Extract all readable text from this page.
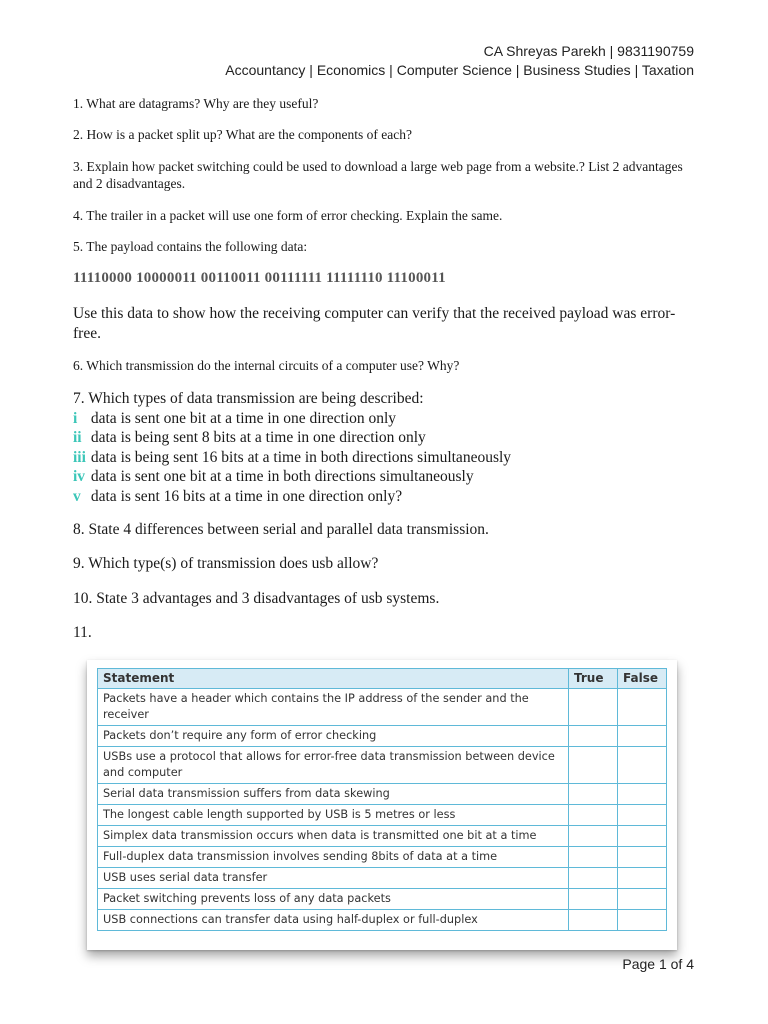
CA Shreyas Parekh | 9831190759
Accountancy | Economics | Computer Science | Business Studies | Taxation
1. What are datagrams? Why are they useful?
2. How is a packet split up? What are the components of each?
3. Explain how packet switching could be used to download a large web page from a website.? List 2 advantages and 2 disadvantages.
4. The trailer in a packet will use one form of error checking. Explain the same.
5. The payload contains the following data:
11110000 10000011 00110011 00111111 11111110 11100011
Use this data to show how the receiving computer can verify that the received payload was error-free.
6. Which transmission do the internal circuits of a computer use? Why?
7. Which types of data transmission are being described:
i data is sent one bit at a time in one direction only
ii data is being sent 8 bits at a time in one direction only
iii data is being sent 16 bits at a time in both directions simultaneously
iv data is sent one bit at a time in both directions simultaneously
v data is sent 16 bits at a time in one direction only?
8. State 4 differences between serial and parallel data transmission.
9. Which type(s) of transmission does usb allow?
10. State 3 advantages and 3 disadvantages of usb systems.
11.
Statement	True	False
Packets have a header which contains the IP address of the sender and the receiver		
Packets don’t require any form of error checking		
USBs use a protocol that allows for error-free data transmission between device and computer		
Serial data transmission suffers from data skewing		
The longest cable length supported by USB is 5 metres or less		
Simplex data transmission occurs when data is transmitted one bit at a time		
Full-duplex data transmission involves sending 8bits of data at a time		
USB uses serial data transfer		
Packet switching prevents loss of any data packets		
USB connections can transfer data using half-duplex or full-duplex		
Page 1 of 4
